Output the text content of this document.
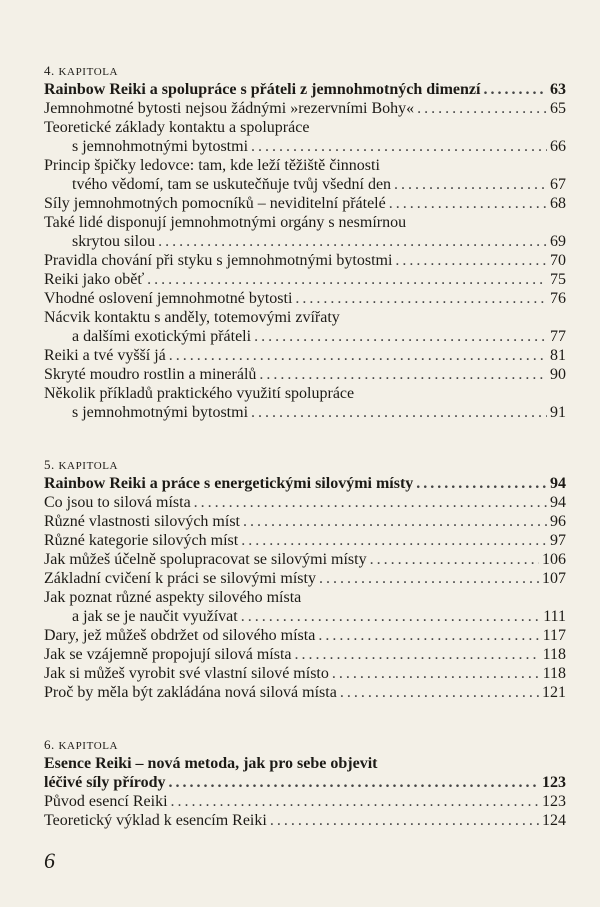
4. KAPITOLA
Rainbow Reiki a spolupráce s přáteli z jemnohmotných dimenzí .....	63
Jemnohmotné bytosti nejsou žádnými »rezervními Bohy« .....	65
Teoretické základy kontaktu a spolupráce
s jemnohmotnými bytostmi .....	66
Princip špičky ledovce: tam, kde leží těžiště činnosti
tvého vědomí, tam se uskutečňuje tvůj všední den .....	67
Síly jemnohmotných pomocníků – neviditelní přátelé .....	68
Také lidé disponují jemnohmotnými orgány s nesmírnou
skrytou silou .....	69
Pravidla chování při styku s jemnohmotnými bytostmi .....	70
Reiki jako oběť .....	75
Vhodné oslovení jemnohmotné bytosti .....	76
Nácvik kontaktu s anděly, totemovými zvířaty
a dalšími exotickými přáteli .....	77
Reiki a tvé vyšší já .....	81
Skryté moudro rostlin a minerálů .....	90
Několik příkladů praktického využití spolupráce
s jemnohmotnými bytostmi .....	91
5. KAPITOLA
Rainbow Reiki a práce s energetickými silovými místy .....	94
Co jsou to silová místa .....	94
Různé vlastnosti silových míst .....	96
Různé kategorie silových míst .....	97
Jak můžeš účelně spolupracovat se silovými místy .....	106
Základní cvičení k práci se silovými místy .....	107
Jak poznat různé aspekty silového místa
a jak se je naučit využívat .....	111
Dary, jež můžeš obdržet od silového místa .....	117
Jak se vzájemně propojují silová místa .....	118
Jak si můžeš vyrobit své vlastní silové místo .....	118
Proč by měla být zakládána nová silová místa .....	121
6. KAPITOLA
Esence Reiki – nová metoda, jak pro sebe objevit
léčivé síly přírody .....	123
Původ esencí Reiki .....	123
Teoretický výklad k esencím Reiki .....	124
6
